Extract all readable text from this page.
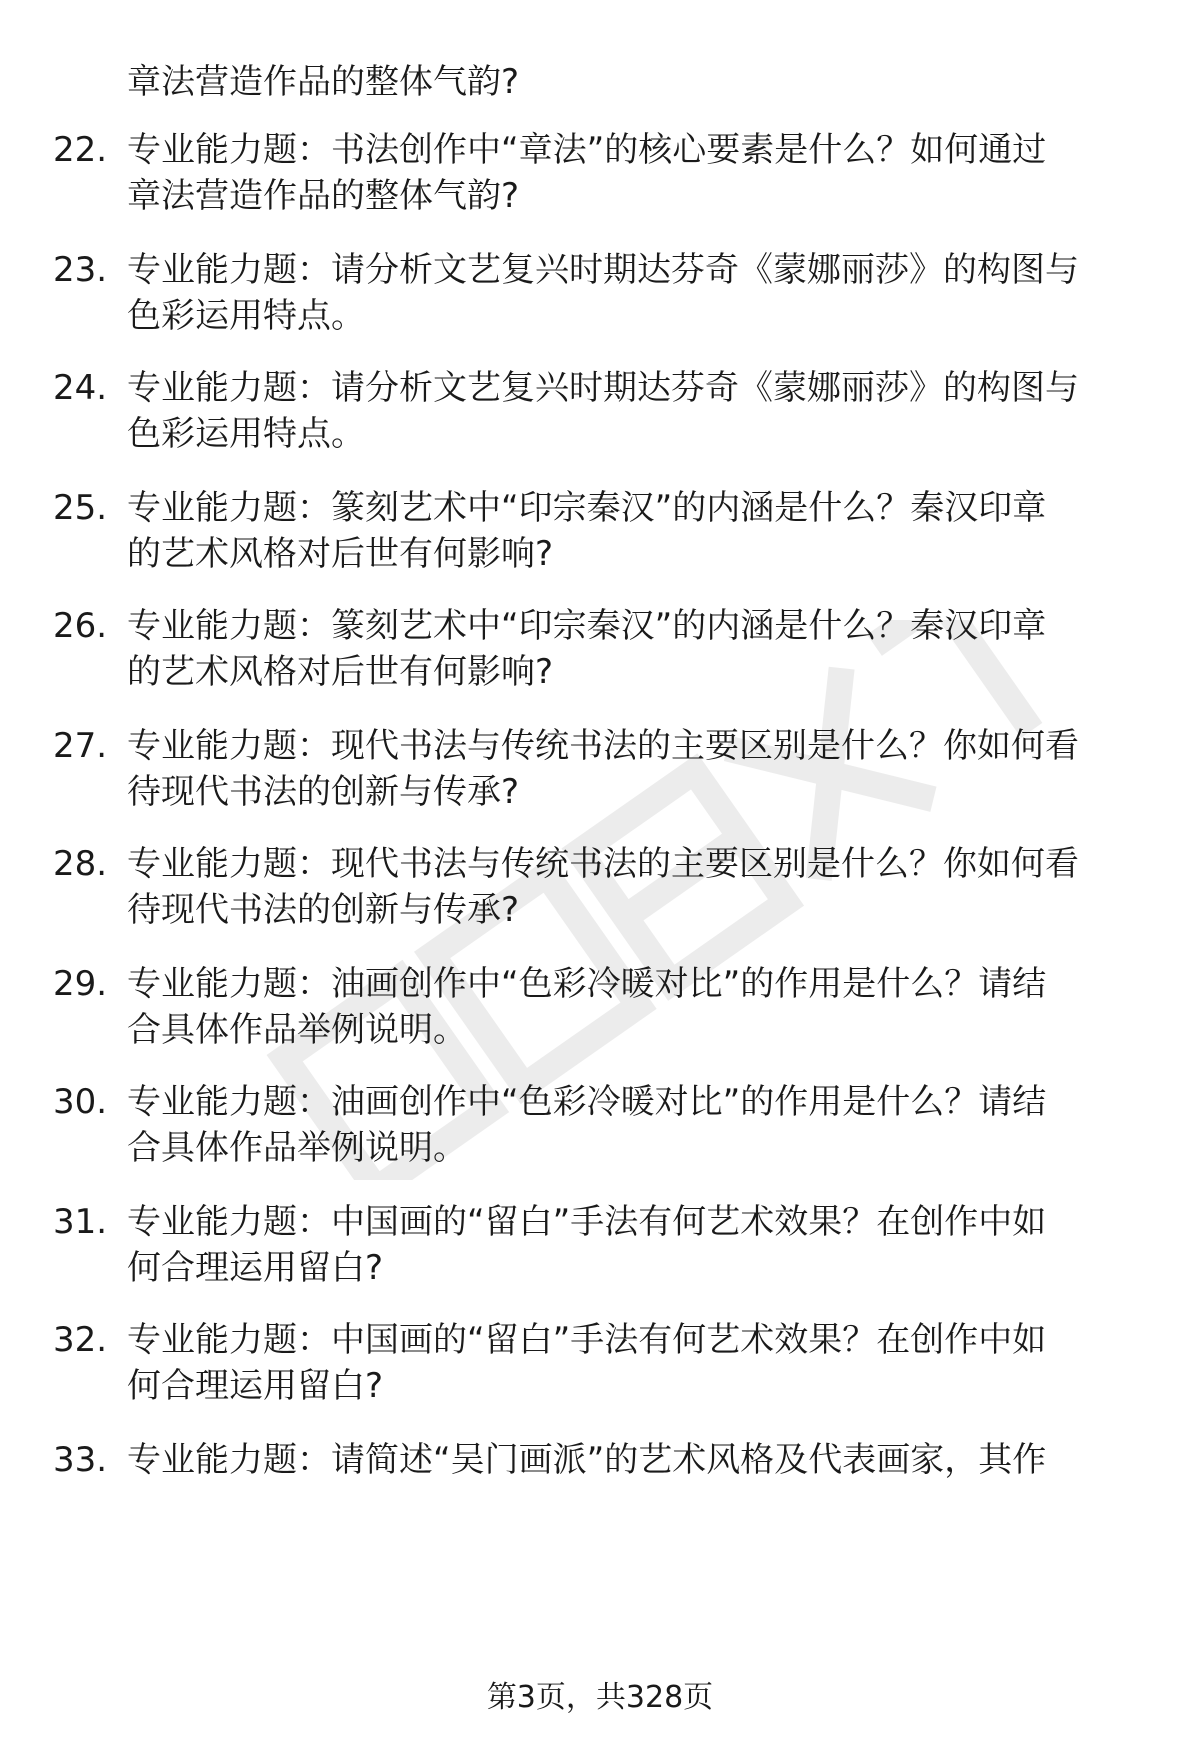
章法营造作品的整体气韵?
22. 专业能力题：书法创作中“章法”的核心要素是什么？如何通过
章法营造作品的整体气韵?
23. 专业能力题：请分析文艺复兴时期达芬奇《蒙娜丽莎》的构图与
色彩运用特点。
24. 专业能力题：请分析文艺复兴时期达芬奇《蒙娜丽莎》的构图与
色彩运用特点。
25. 专业能力题：篆刻艺术中“印宗秦汉”的内涵是什么？秦汉印章
的艺术风格对后世有何影响?
26. 专业能力题：篆刻艺术中“印宗秦汉”的内涵是什么？秦汉印章
的艺术风格对后世有何影响?
27. 专业能力题：现代书法与传统书法的主要区别是什么？你如何看
待现代书法的创新与传承?
28. 专业能力题：现代书法与传统书法的主要区别是什么？你如何看
待现代书法的创新与传承?
29. 专业能力题：油画创作中“色彩冷暖对比”的作用是什么？请结
合具体作品举例说明。
30. 专业能力题：油画创作中“色彩冷暖对比”的作用是什么？请结
合具体作品举例说明。
31. 专业能力题：中国画的“留白”手法有何艺术效果？在创作中如
何合理运用留白?
32. 专业能力题：中国画的“留白”手法有何艺术效果？在创作中如
何合理运用留白?
33. 专业能力题：请简述“吴门画派”的艺术风格及代表画家，其作
第3页，共328页
